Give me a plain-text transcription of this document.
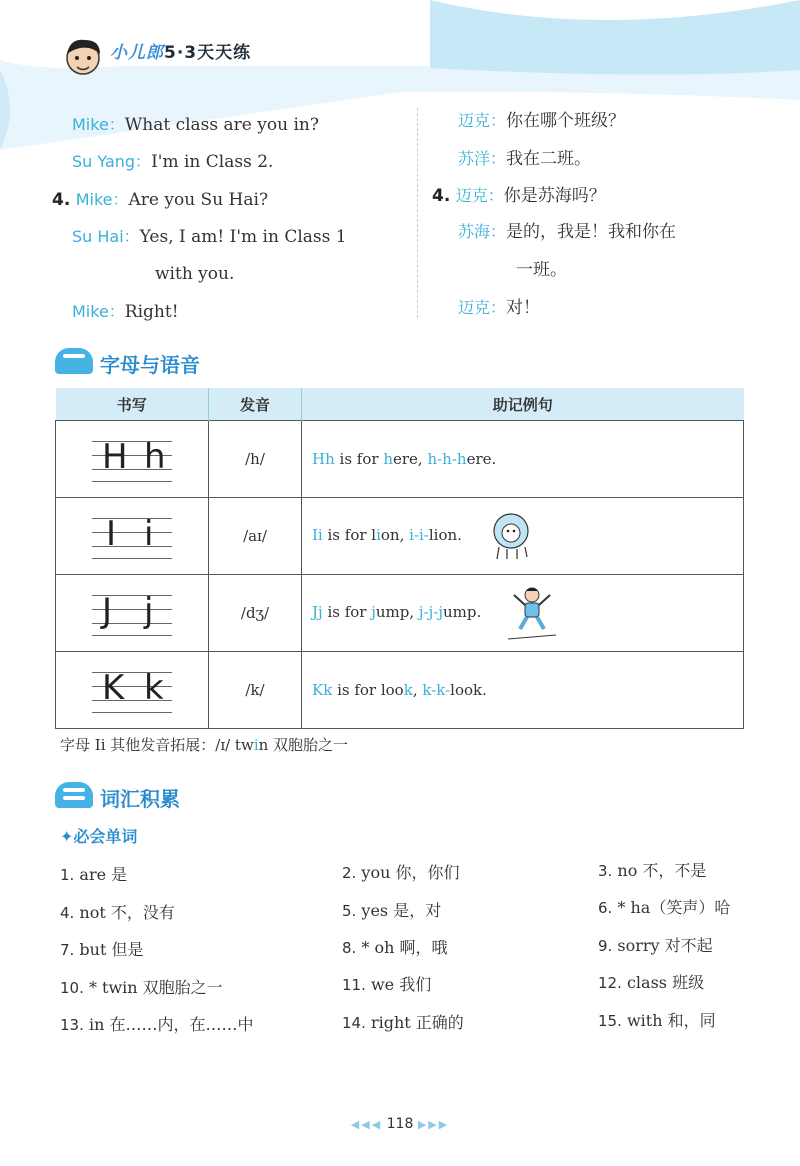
小儿郎5·3天天练
Mike：What class are you in?
Su Yang：I'm in Class 2.
4. Mike：Are you Su Hai?
Su Hai：Yes, I am! I'm in Class 1
with you.
Mike：Right!
迈克：你在哪个班级？
苏洋：我在二班。
4. 迈克：你是苏海吗？
苏海：是的，我是！我和你在
一班。
迈克：对！
字母与语音
书写	发音	助记例句

H h	/h/	Hh is for here, h-h-here.

I i	/aɪ/	Ii is for lion, i-i-lion.

J j	/dʒ/	Jj is for jump, j-j-jump.

K k	/k/	Kk is for look, k-k-look.
字母 Ii 其他发音拓展：/ɪ/ twin 双胞胎之一
词汇积累
✦必会单词
1. are 是	2. you 你，你们	3. no 不，不是
4. not 不，没有	5. yes 是，对	6. * ha（笑声）哈
7. but 但是	8. * oh 啊，哦	9. sorry 对不起
10. * twin 双胞胎之一	11. we 我们	12. class 班级
13. in 在……内，在……中	14. right 正确的	15. with 和，同
◀◀◀ 118 ▶▶▶
